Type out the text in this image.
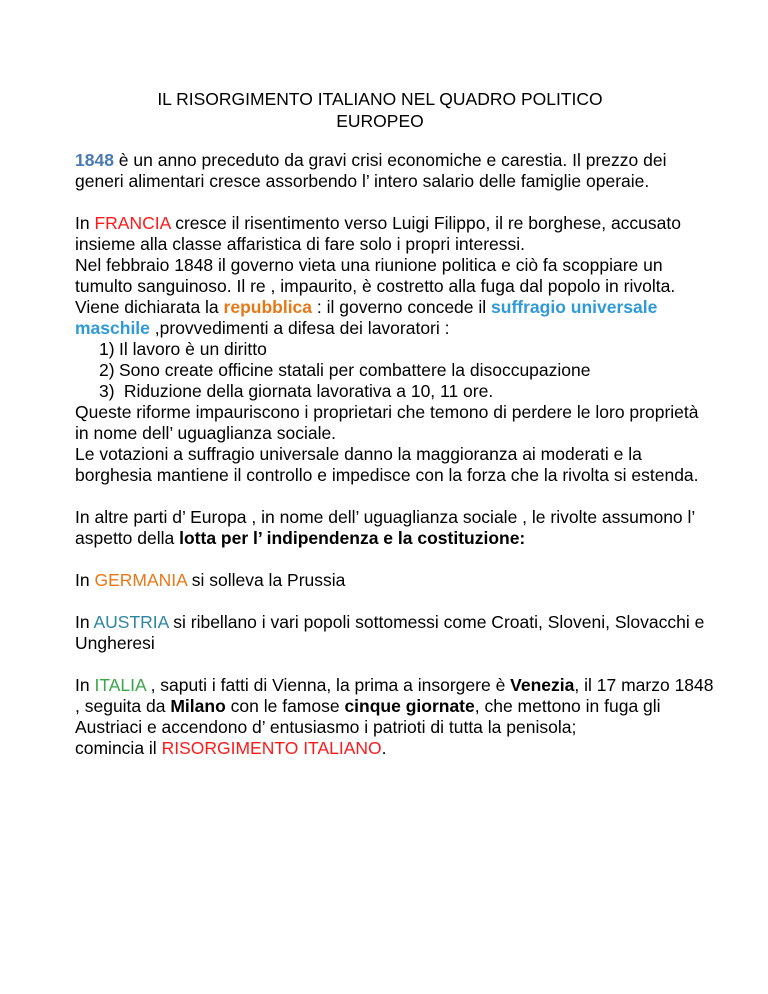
IL RISORGIMENTO ITALIANO NEL QUADRO POLITICO
EUROPEO

1848 è un anno preceduto da gravi crisi economiche e carestia. Il prezzo dei generi alimentari cresce assorbendo l’ intero salario delle famiglie operaie.

In FRANCIA cresce il risentimento verso Luigi Filippo, il re borghese, accusato insieme alla classe affaristica di fare solo i propri interessi.

Nel febbraio 1848 il governo vieta una riunione politica e ciò fa scoppiare un tumulto sanguinoso. Il re , impaurito, è costretto alla fuga dal popolo in rivolta.

Viene dichiarata la repubblica : il governo concede il suffragio universale maschile ,provvedimenti a difesa dei lavoratori :

1) Il lavoro è un diritto
2) Sono create officine statali per combattere la disoccupazione
3) Riduzione della giornata lavorativa a 10, 11 ore.

Queste riforme impauriscono i proprietari che temono di perdere le loro proprietà in nome dell’ uguaglianza sociale.

Le votazioni a suffragio universale danno la maggioranza ai moderati e la borghesia mantiene il controllo e impedisce con la forza che la rivolta si estenda.

In altre parti d’ Europa , in nome dell’ uguaglianza sociale , le rivolte assumono l’ aspetto della lotta per l’ indipendenza e la costituzione:

In GERMANIA si solleva la Prussia

In AUSTRIA si ribellano i vari popoli sottomessi come Croati, Sloveni, Slovacchi e Ungheresi

In ITALIA , saputi i fatti di Vienna, la prima a insorgere è Venezia, il 17 marzo 1848 , seguita da Milano con le famose cinque giornate, che mettono in fuga gli Austriaci e accendono d’ entusiasmo i patrioti di tutta la penisola;

comincia il RISORGIMENTO ITALIANO.
